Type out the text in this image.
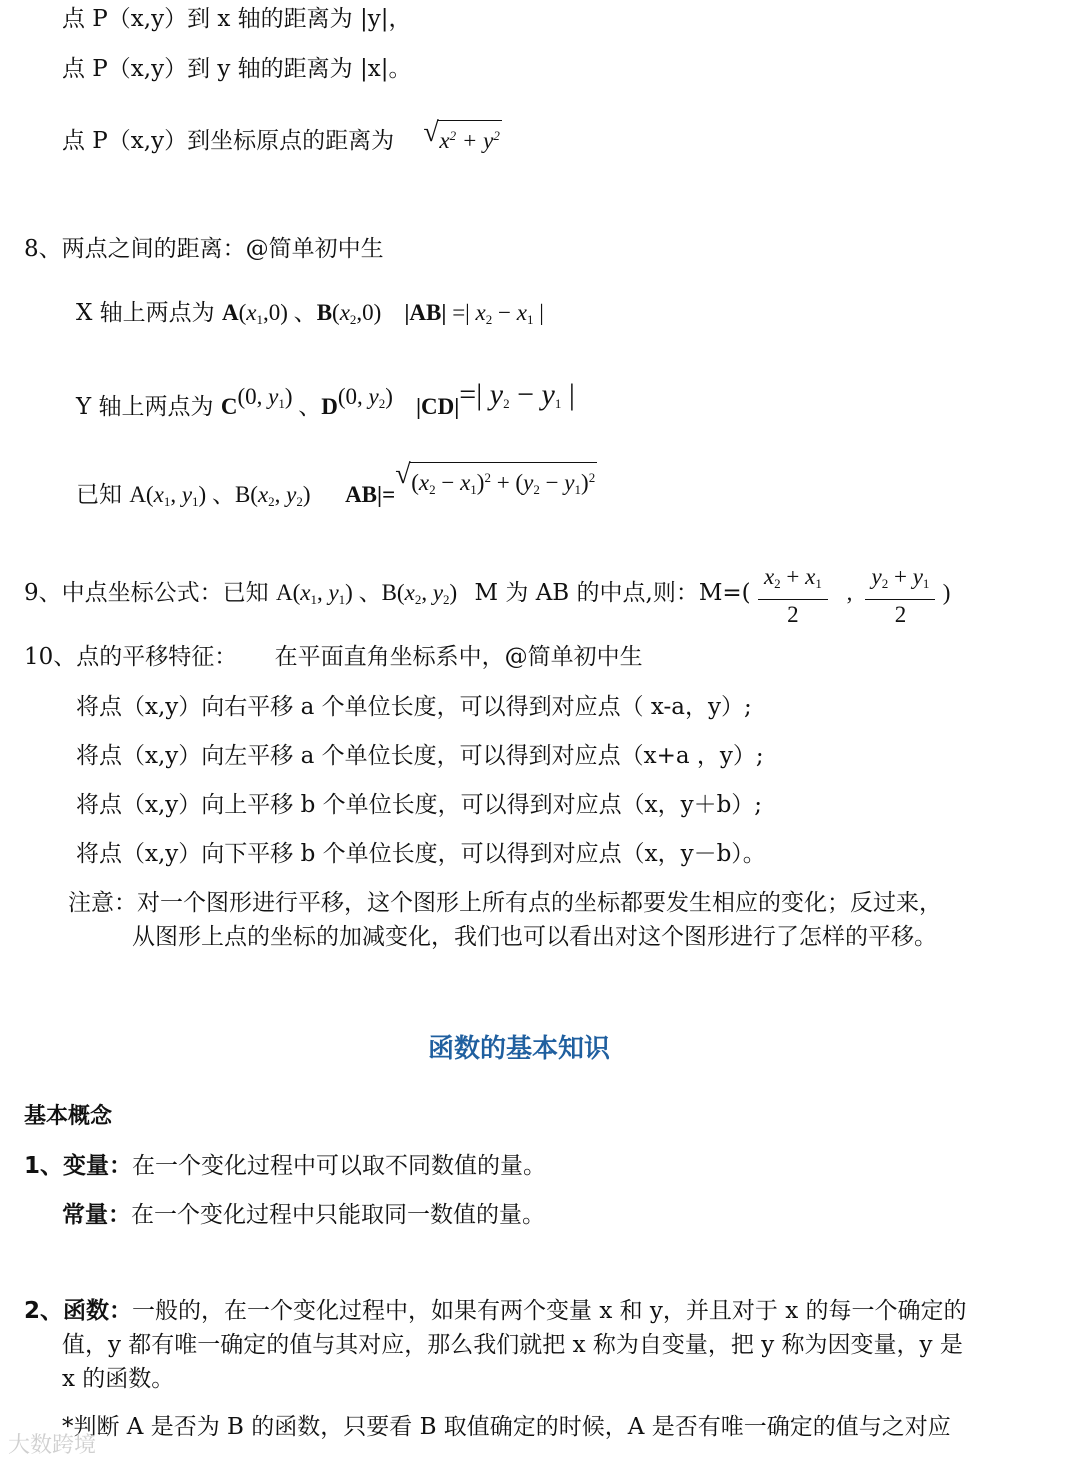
点 P（x,y）到 x 轴的距离为 |y|，
点 P（x,y）到 y 轴的距离为 |x|。
点 P（x,y）到坐标原点的距离为 √ $x^2 + y^2$
8、两点之间的距离：@简单初中生
X 轴上两点为 $A(x_1,0)$ 、$B(x_2,0)$    |AB| =| $x_2 - x_1$ |
Y 轴上两点为 C(0, $y_1$) 、D(0, $y_2$) |CD|=| $y_2 - y_1$ |
已知 $A(x_1$, $y_1$) 、$B(x_2$, $y_2$)      AB|= √ $(x_2 - x_1)^2 + (y_2 - y_1)^2$
9、中点坐标公式：已知 $A(x_1$, $y_1$) 、$B(x_2$, $y_2$) M 为 AB 的中点,则：$M=( \frac{x_2 + x_1}{2}$ , $\frac{y_2 + y_1}{2}$ )
10、点的平移特征： 在平面直角坐标系中，@简单初中生
将点（x,y）向右平移 a 个单位长度，可以得到对应点（ x-a，y）;
将点（x,y）向左平移 a 个单位长度，可以得到对应点（x+a ，y）;
将点（x,y）向上平移 b 个单位长度，可以得到对应点（x，y＋b）;
将点（x,y）向下平移 b 个单位长度，可以得到对应点（x，y－b）。
注意：对一个图形进行平移，这个图形上所有点的坐标都要发生相应的变化；反过来，
从图形上点的坐标的加减变化，我们也可以看出对这个图形进行了怎样的平移。
函数的基本知识
基本概念
1、变量：在一个变化过程中可以取不同数值的量。
常量：在一个变化过程中只能取同一数值的量。
2、函数：一般的，在一个变化过程中，如果有两个变量 x 和 y，并且对于 x 的每一个确定的
值，y 都有唯一确定的值与其对应，那么我们就把 x 称为自变量，把 y 称为因变量，y 是
x 的函数。
*判断 A 是否为 B 的函数，只要看 B 取值确定的时候，A 是否有唯一确定的值与之对应
大数跨境
